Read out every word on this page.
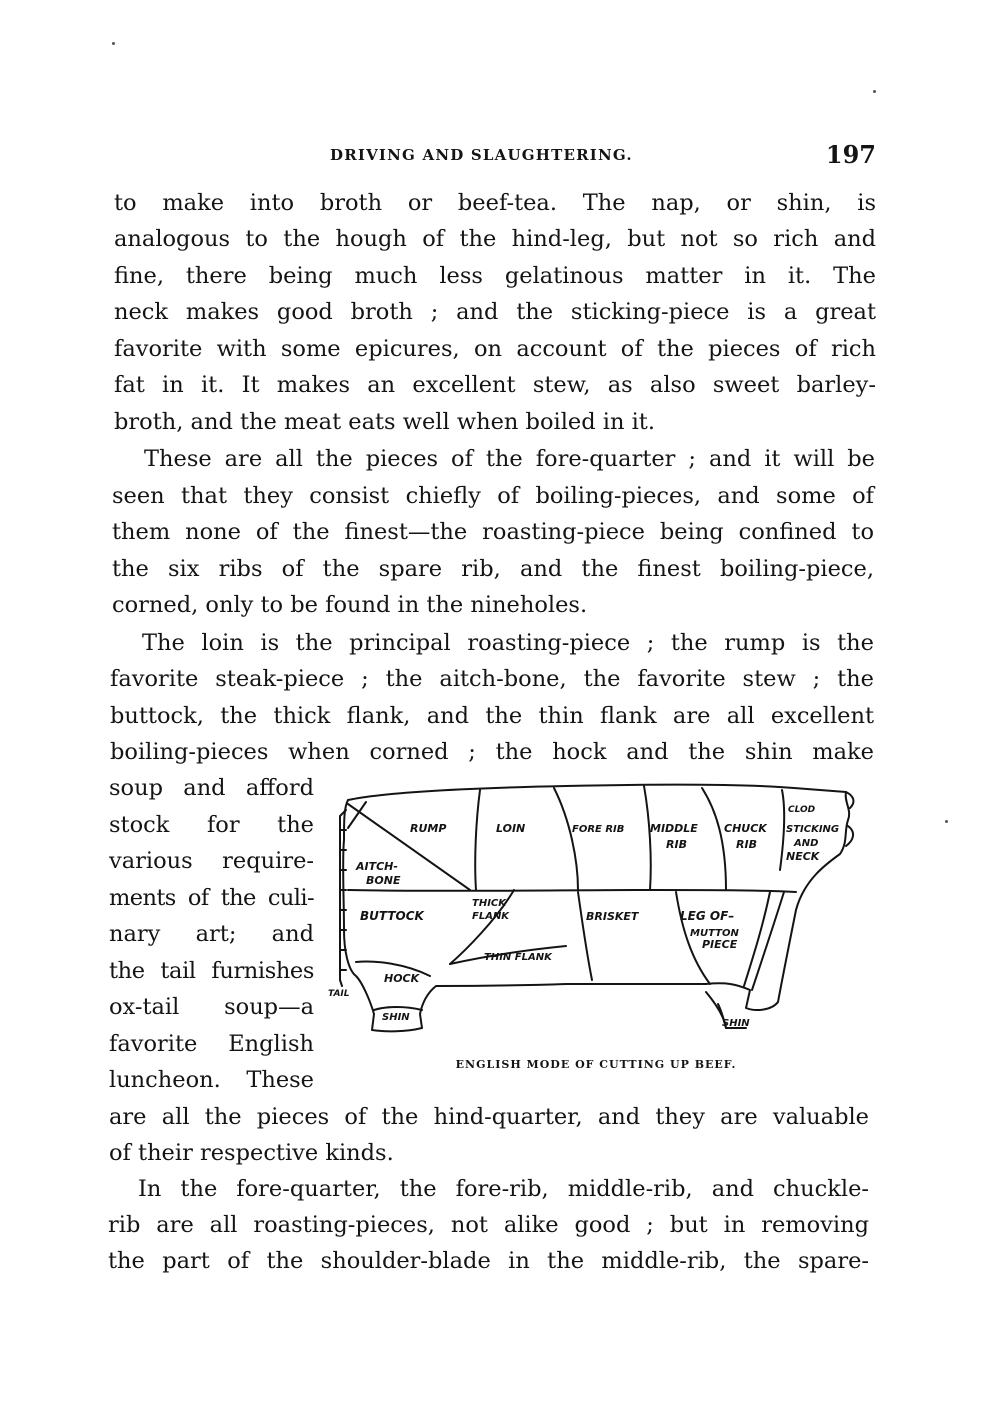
DRIVING AND SLAUGHTERING.	197
to make into broth or beef-tea. The nap, or shin, is
analogous to the hough of the hind-leg, but not so rich and
fine, there being much less gelatinous matter in it. The
neck makes good broth ; and the sticking-piece is a great
favorite with some epicures, on account of the pieces of rich
fat in it. It makes an excellent stew, as also sweet barley-
broth, and the meat eats well when boiled in it.
These are all the pieces of the fore-quarter ; and it will be
seen that they consist chiefly of boiling-pieces, and some of
them none of the finest—the roasting-piece being confined to
the six ribs of the spare rib, and the finest boiling-piece,
corned, only to be found in the nineholes.
The loin is the principal roasting-piece ; the rump is the
favorite steak-piece ; the aitch-bone, the favorite stew ; the
buttock, the thick flank, and the thin flank are all excellent
boiling-pieces when corned ; the hock and the shin make
soup and afford
stock for the
various require-
ments of the culi-
nary art; and
the tail furnishes
ox-tail soup—a
favorite English
luncheon. These
are all the pieces of the hind-quarter, and they are valuable
of their respective kinds.
In the fore-quarter, the fore-rib, middle-rib, and chuckle-
rib are all roasting-pieces, not alike good ; but in removing
the part of the shoulder-blade in the middle-rib, the spare-
RUMP	LOIN	FORE RIB MIDDLE
RIB
CHUCK
RIB
CLOD
STICKING
AND
NECK
AITCH-
BONE
THICK
FLANK
BUTTOCK	BRISKET	LEG OF–
MUTTON
PIECE
THIN FLANK
HOCK
TAIL
SHIN
SHIN
ENGLISH MODE OF CUTTING UP BEEF.
